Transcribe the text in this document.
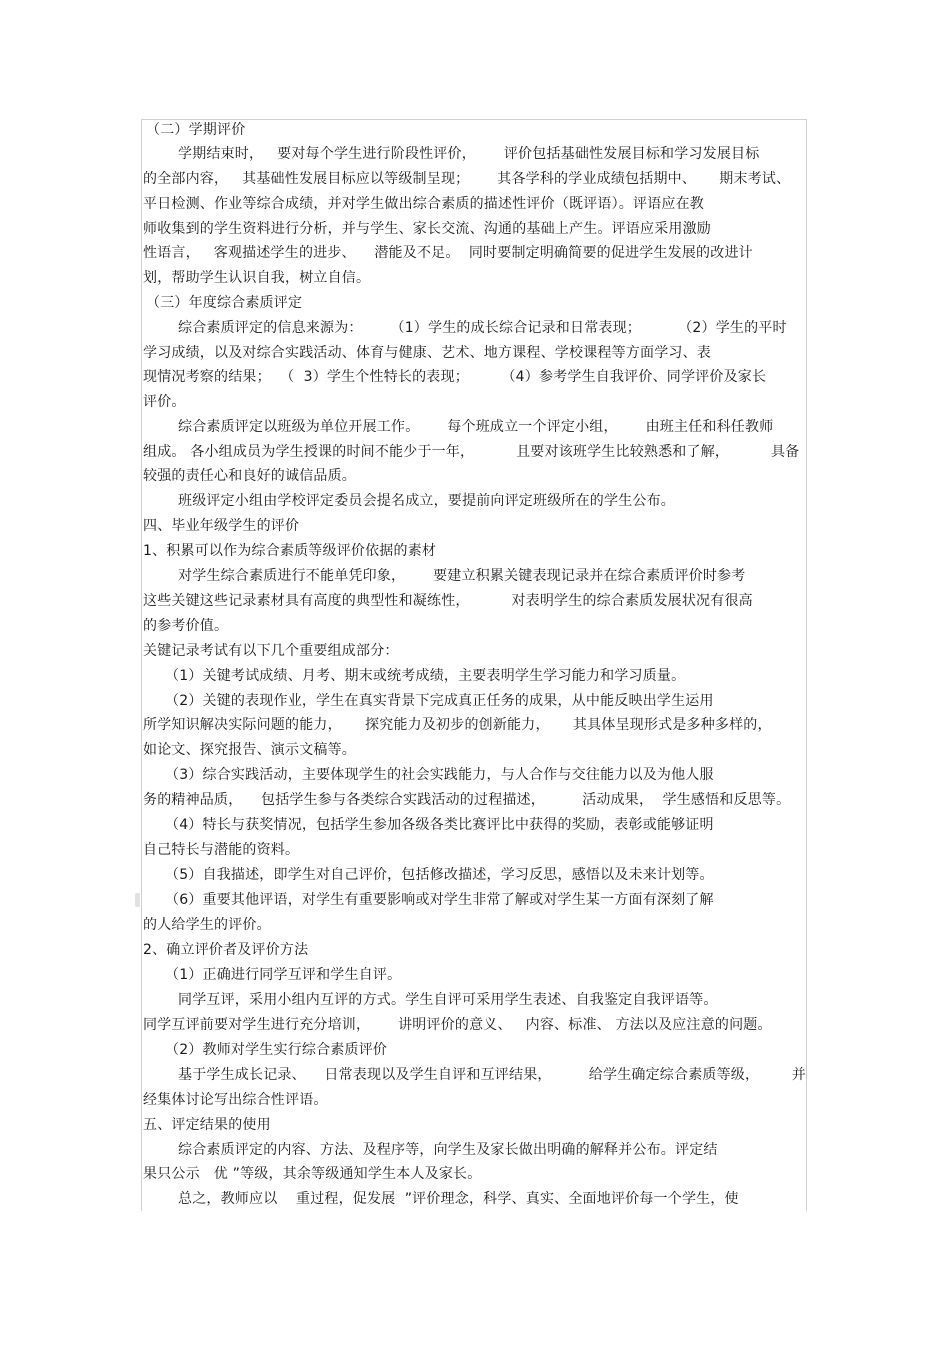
（二）学期评价
学期结束时，   要对每个学生进行阶段性评价，      评价包括基础性发展目标和学习发展目标
的全部内容，   其基础性发展目标应以等级制呈现；      其各学科的学业成绩包括期中、     期末考试、
平日检测、作业等综合成绩，并对学生做出综合素质的描述性评价（既评语）。评语应在教
师收集到的学生资料进行分析，并与学生、家长交流、沟通的基础上产生。评语应采用激励
性语言，   客观描述学生的进步、    潜能及不足。  同时要制定明确简要的促进学生发展的改进计
划，帮助学生认识自我，树立自信。
（三）年度综合素质评定
综合素质评定的信息来源为：      （1）学生的成长综合记录和日常表现；        （2）学生的平时
学习成绩，以及对综合实践活动、体育与健康、艺术、地方课程、学校课程等方面学习、表
现情况考察的结果；  （  3）学生个性特长的表现；       （4）参考学生自我评价、同学评价及家长
评价。
综合素质评定以班级为单位开展工作。      每个班成立一个评定小组，      由班主任和科任教师
组成。 各小组成员为学生授课的时间不能少于一年，         且要对该班学生比较熟悉和了解，         具备
较强的责任心和良好的诚信品质。
班级评定小组由学校评定委员会提名成立，要提前向评定班级所在的学生公布。
四、毕业年级学生的评价
1、积累可以作为综合素质等级评价依据的素材
对学生综合素质进行不能单凭印象，      要建立积累关键表现记录并在综合素质评价时参考
这些关键这些记录素材具有高度的典型性和凝练性，         对表明学生的综合素质发展状况有很高
的参考价值。
关键记录考试有以下几个重要组成部分：
（1）关键考试成绩、月考、期末或统考成绩，主要表明学生学习能力和学习质量。
（2）关键的表现作业，学生在真实背景下完成真正任务的成果，从中能反映出学生运用
所学知识解决实际问题的能力，     探究能力及初步的创新能力，     其具体呈现形式是多种多样的，
如论文、探究报告、演示文稿等。
（3）综合实践活动，主要体现学生的社会实践能力，与人合作与交往能力以及为他人服
务的精神品质，    包括学生参与各类综合实践活动的过程描述，        活动成果，  学生感悟和反思等。
（4）特长与获奖情况，包括学生参加各级各类比赛评比中获得的奖励，表彰或能够证明
自己特长与潜能的资料。
（5）自我描述，即学生对自己评价，包括修改描述，学习反思，感悟以及未来计划等。
（6）重要其他评语，对学生有重要影响或对学生非常了解或对学生某一方面有深刻了解
的人给学生的评价。
2、确立评价者及评价方法
（1）正确进行同学互评和学生自评。
同学互评，采用小组内互评的方式。学生自评可采用学生表述、自我鉴定自我评语等。
同学互评前要对学生进行充分培训，      讲明评价的意义、   内容、标准、 方法以及应注意的问题。
（2）教师对学生实行综合素质评价
基于学生成长记录、    日常表现以及学生自评和互评结果，        给学生确定综合素质等级，       并
经集体讨论写出综合性评语。
五、评定结果的使用
综合素质评定的内容、方法、及程序等，向学生及家长做出明确的解释并公布。评定结
果只公示   优 ”等级，其余等级通知学生本人及家长。
总之，教师应以    重过程，促发展  ”评价理念，科学、真实、全面地评价每一个学生，使
